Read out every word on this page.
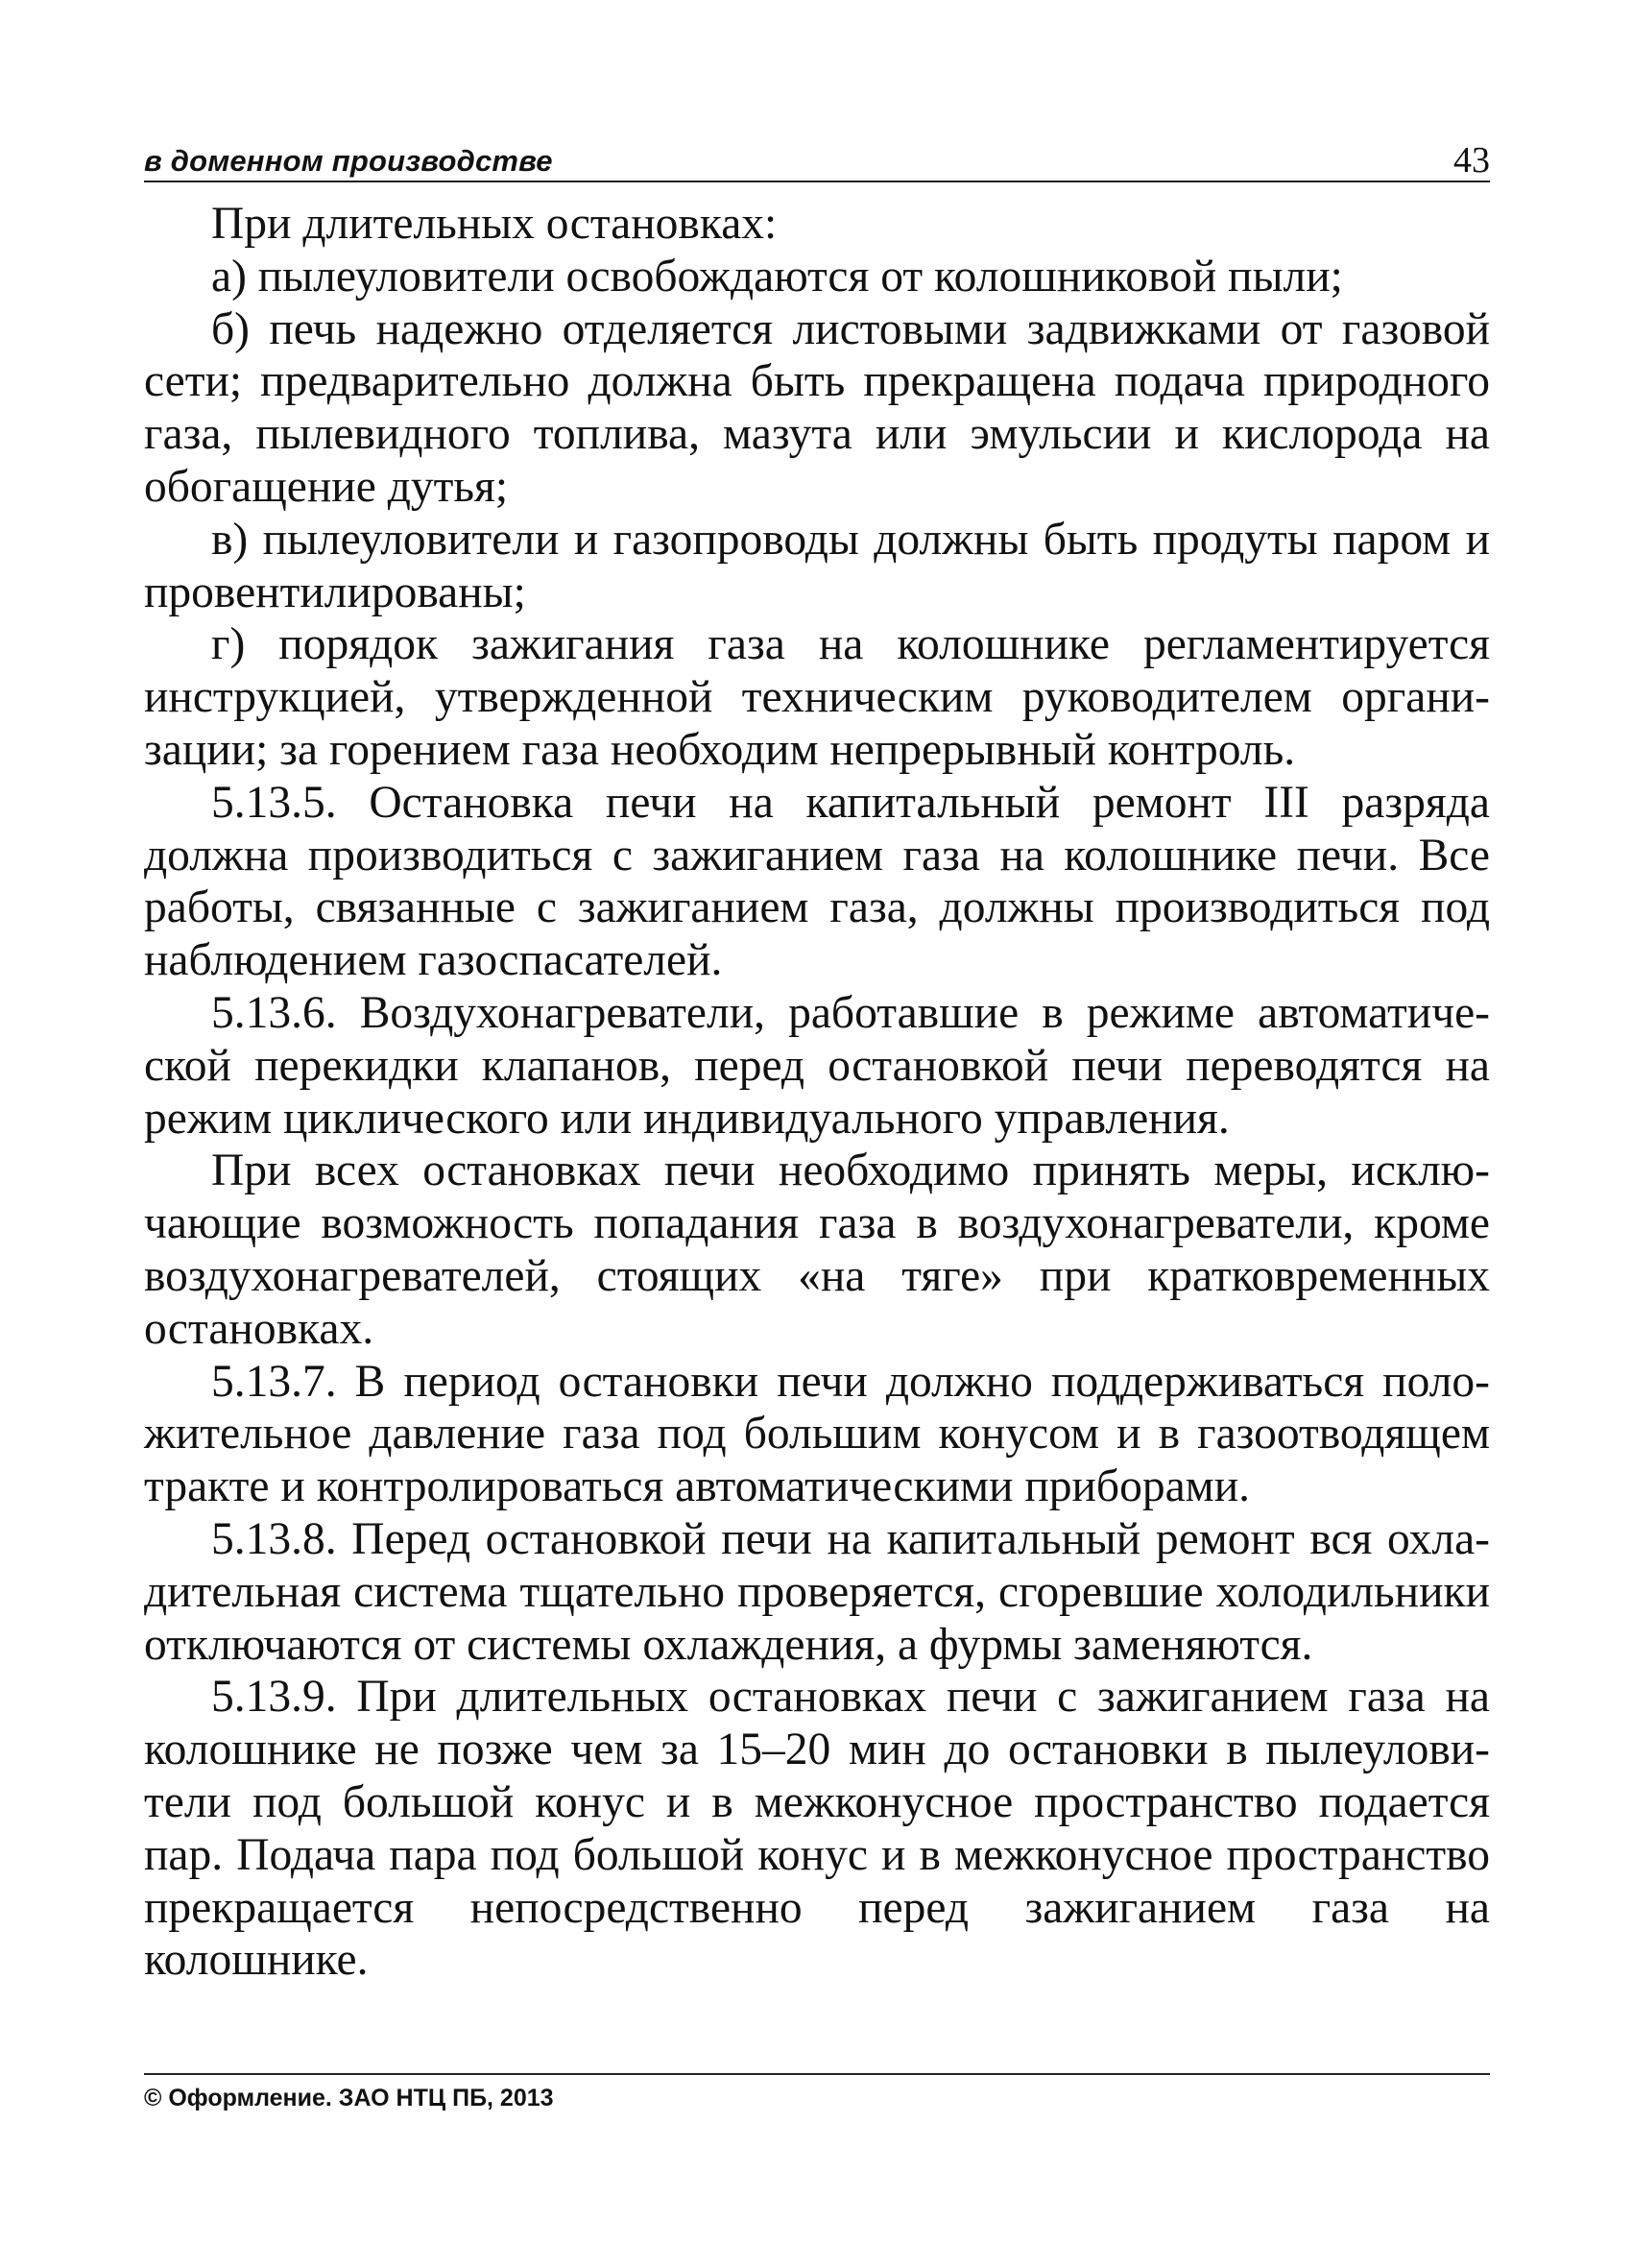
в доменном производстве	43

При длительных остановках:

а) пылеуловители освобождаются от колошниковой пыли;

б) печь надежно отделяется листовыми задвижками от газовой сети; предварительно должна быть прекращена подача природного газа, пылевидного топлива, мазута или эмульсии и кислорода на обогащение дутья;

в) пылеуловители и газопроводы должны быть продуты паром и провентилированы;

г) порядок зажигания газа на колошнике регламентируется инструкцией, утвержденной техническим руководителем организации; за горением газа необходим непрерывный контроль.

5.13.5. Остановка печи на капитальный ремонт III разряда должна производиться с зажиганием газа на колошнике печи. Все работы, связанные с зажиганием газа, должны производиться под наблюдением газоспасателей.

5.13.6. Воздухонагреватели, работавшие в режиме автоматической перекидки клапанов, перед остановкой печи переводятся на режим циклического или индивидуального управления.

При всех остановках печи необходимо принять меры, исключающие возможность попадания газа в воздухонагреватели, кроме воздухонагревателей, стоящих «на тяге» при кратковременных остановках.

5.13.7. В период остановки печи должно поддерживаться положительное давление газа под большим конусом и в газоотводящем тракте и контролироваться автоматическими приборами.

5.13.8. Перед остановкой печи на капитальный ремонт вся охладительная система тщательно проверяется, сгоревшие холодильники отключаются от системы охлаждения, а фурмы заменяются.

5.13.9. При длительных остановках печи с зажиганием газа на колошнике не позже чем за 15–20 мин до остановки в пылеуловители под большой конус и в межконусное пространство подается пар. Подача пара под большой конус и в межконусное пространство прекращается непосредственно перед зажиганием газа на колошнике.

© Оформление. ЗАО НТЦ ПБ, 2013
